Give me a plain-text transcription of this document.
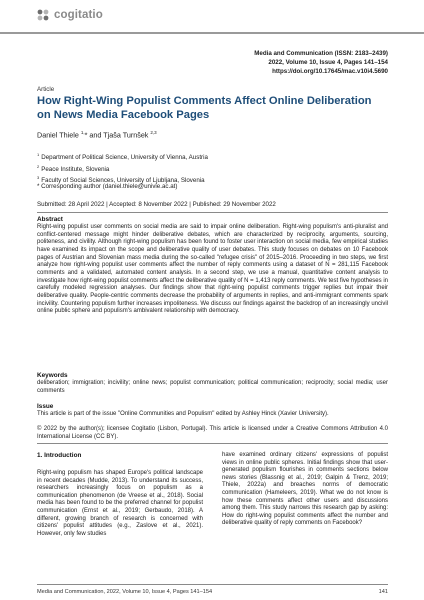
cogitatio
Media and Communication (ISSN: 2183–2439)
2022, Volume 10, Issue 4, Pages 141–154
https://doi.org/10.17645/mac.v10i4.5690
Article
How Right-Wing Populist Comments Affect Online Deliberation on News Media Facebook Pages
Daniel Thiele $^{1,}$* and Tjaša Turnšek $^{2,3}$
$^1$ Department of Political Science, University of Vienna, Austria
$^2$ Peace Institute, Slovenia
$^3$ Faculty of Social Sciences, University of Ljubljana, Slovenia
* Corresponding author (daniel.thiele@univie.ac.at)
Submitted: 28 April 2022 | Accepted: 8 November 2022 | Published: 29 November 2022
Abstract

Right-wing populist user comments on social media are said to impair online deliberation. Right-wing populism's anti-pluralist and conflict-centered message might hinder deliberative debates, which are characterized by reciprocity, arguments, sourcing, politeness, and civility. Although right-wing populism has been found to foster user interaction on social media, few empirical studies have examined its impact on the scope and deliberative quality of user debates. This study focuses on debates on 10 Facebook pages of Austrian and Slovenian mass media during the so-called "refugee crisis" of 2015–2016. Proceeding in two steps, we first analyze how right-wing populist user comments affect the number of reply comments using a dataset of N = 281,115 Facebook comments and a validated, automated content analysis. In a second step, we use a manual, quantitative content analysis to investigate how right-wing populist comments affect the deliberative quality of N = 1,413 reply comments. We test five hypotheses in carefully modeled regression analyses. Our findings show that right-wing populist comments trigger replies but impair their deliberative quality. People-centric comments decrease the probability of arguments in replies, and anti-immigrant comments spark incivility. Countering populism further increases impoliteness. We discuss our findings against the backdrop of an increasingly uncivil online public sphere and populism's ambivalent relationship with democracy.

Keywords

deliberation; immigration; incivility; online news; populist communication; political communication; reciprocity; social media; user comments

Issue

This article is part of the issue "Online Communities and Populism" edited by Ashley Hinck (Xavier University).

© 2022 by the author(s); licensee Cogitatio (Lisbon, Portugal). This article is licensed under a Creative Commons Attribution 4.0 International License (CC BY).

1. Introduction

Right-wing populism has shaped Europe's political landscape in recent decades (Mudde, 2013). To understand its success, researchers increasingly focus on populism as a communication phenomenon (de Vreese et al., 2018). Social media has been found to be the preferred channel for populist communication (Ernst et al., 2019; Gerbaudo, 2018). A different, growing branch of research is concerned with citizens' populist attitudes (e.g., Zaslove et al., 2021). However, only few studies

have examined ordinary citizens' expressions of populist views in online public spheres. Initial findings show that user-generated populism flourishes in comments sections below news stories (Blassnig et al., 2019; Galpin & Trenz, 2019; Thiele, 2022a) and breaches norms of democratic communication (Hameleers, 2019). What we do not know is how these comments affect other users and discussions among them. This study narrows this research gap by asking: How do right-wing populist comments affect the number and deliberative quality of reply comments on Facebook?

Media and Communication, 2022, Volume 10, Issue 4, Pages 141–154	141
